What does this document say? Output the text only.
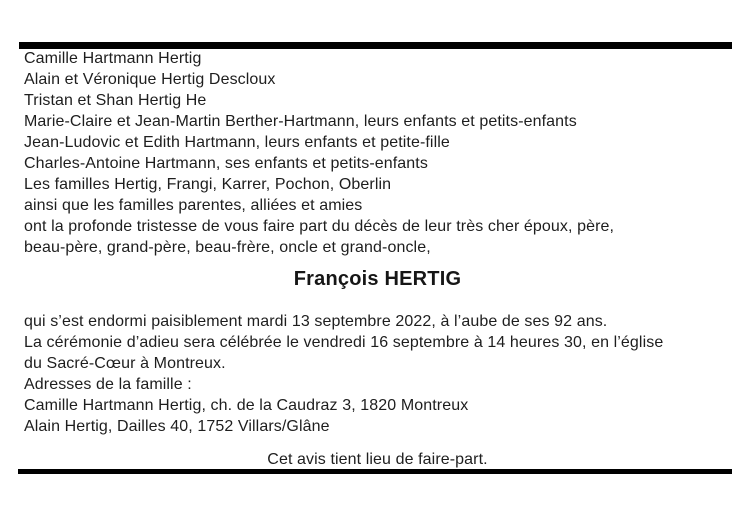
Camille Hartmann Hertig
Alain et Véronique Hertig Descloux
Tristan et Shan Hertig He
Marie-Claire et Jean-Martin Berther-Hartmann, leurs enfants et petits-enfants
Jean-Ludovic et Edith Hartmann, leurs enfants et petite-fille
Charles-Antoine Hartmann, ses enfants et petits-enfants
Les familles Hertig, Frangi, Karrer, Pochon, Oberlin
ainsi que les familles parentes, alliées et amies
ont la profonde tristesse de vous faire part du décès de leur très cher époux, père,
beau-père, grand-père, beau-frère, oncle et grand-oncle,
François HERTIG
qui s’est endormi paisiblement mardi 13 septembre 2022, à l’aube de ses 92 ans.
La cérémonie d’adieu sera célébrée le vendredi 16 septembre à 14 heures 30, en l’église
du Sacré-Cœur à Montreux.
Adresses de la famille :
Camille Hartmann Hertig, ch. de la Caudraz 3, 1820 Montreux
Alain Hertig, Dailles 40, 1752 Villars/Glâne
Cet avis tient lieu de faire-part.
